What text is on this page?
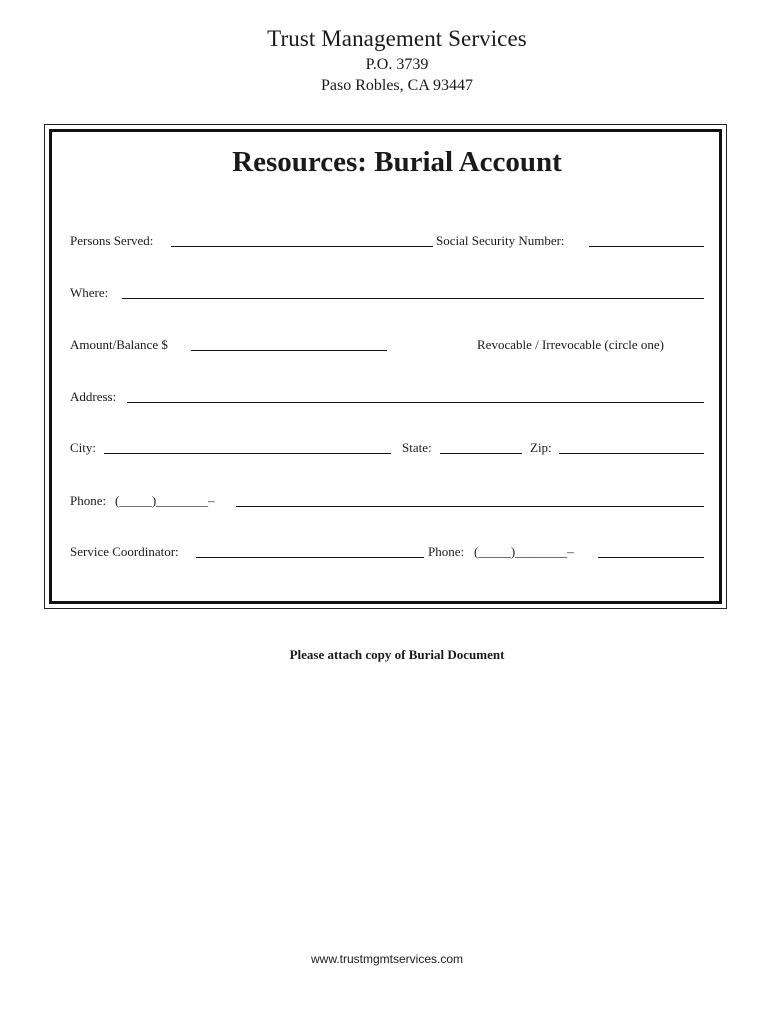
Trust Management Services
P.O. 3739
Paso Robles, CA 93447
Resources: Burial Account
Persons Served:	Social Security Number:
Where:
Amount/Balance $	Revocable / Irrevocable (circle one)
Address:
City:	State:	Zip:
Phone: (_____)________–
Service Coordinator:	Phone: (_____)________–
Please attach copy of Burial Document
www.trustmgmtservices.com
